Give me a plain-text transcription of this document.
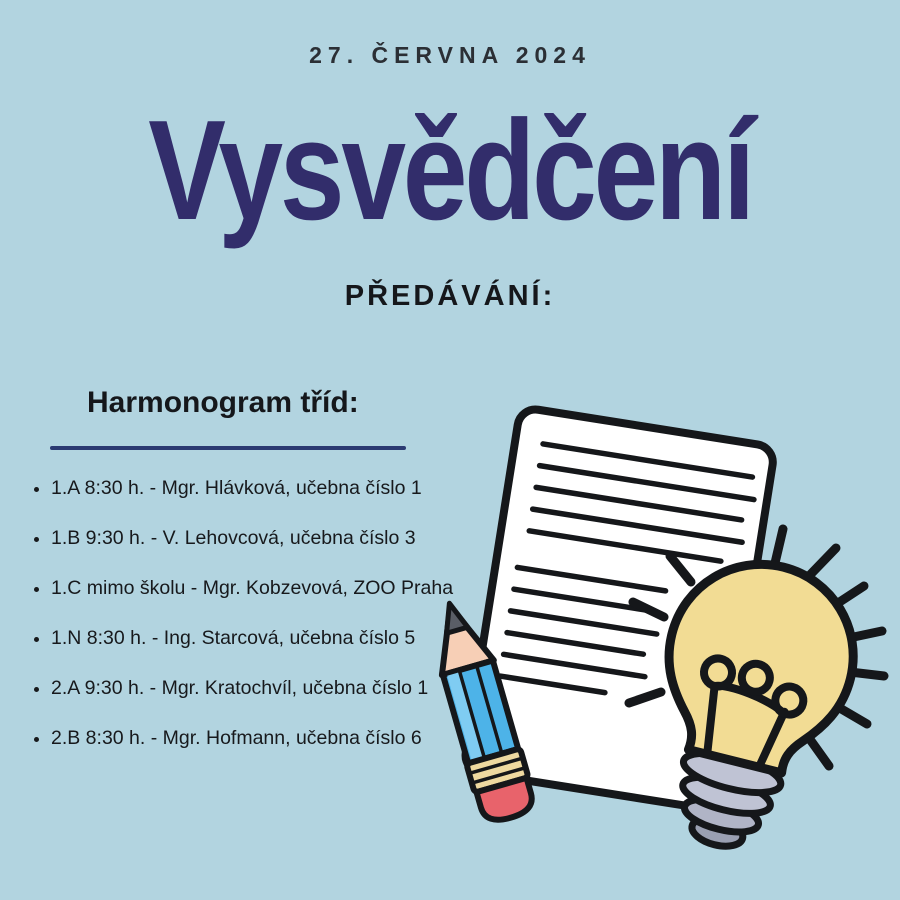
27. ČERVNA 2024
Vysvědčení
PŘEDÁVÁNÍ:
Harmonogram tříd:
1.A 8:30 h. - Mgr. Hlávková, učebna číslo 1
1.B 9:30 h. - V. Lehovcová, učebna číslo 3
1.C mimo školu - Mgr. Kobzevová, ZOO Praha
1.N 8:30 h. - Ing. Starcová, učebna číslo 5
2.A 9:30 h. - Mgr. Kratochvíl, učebna číslo 1
2.B 8:30 h. - Mgr. Hofmann, učebna číslo 6
